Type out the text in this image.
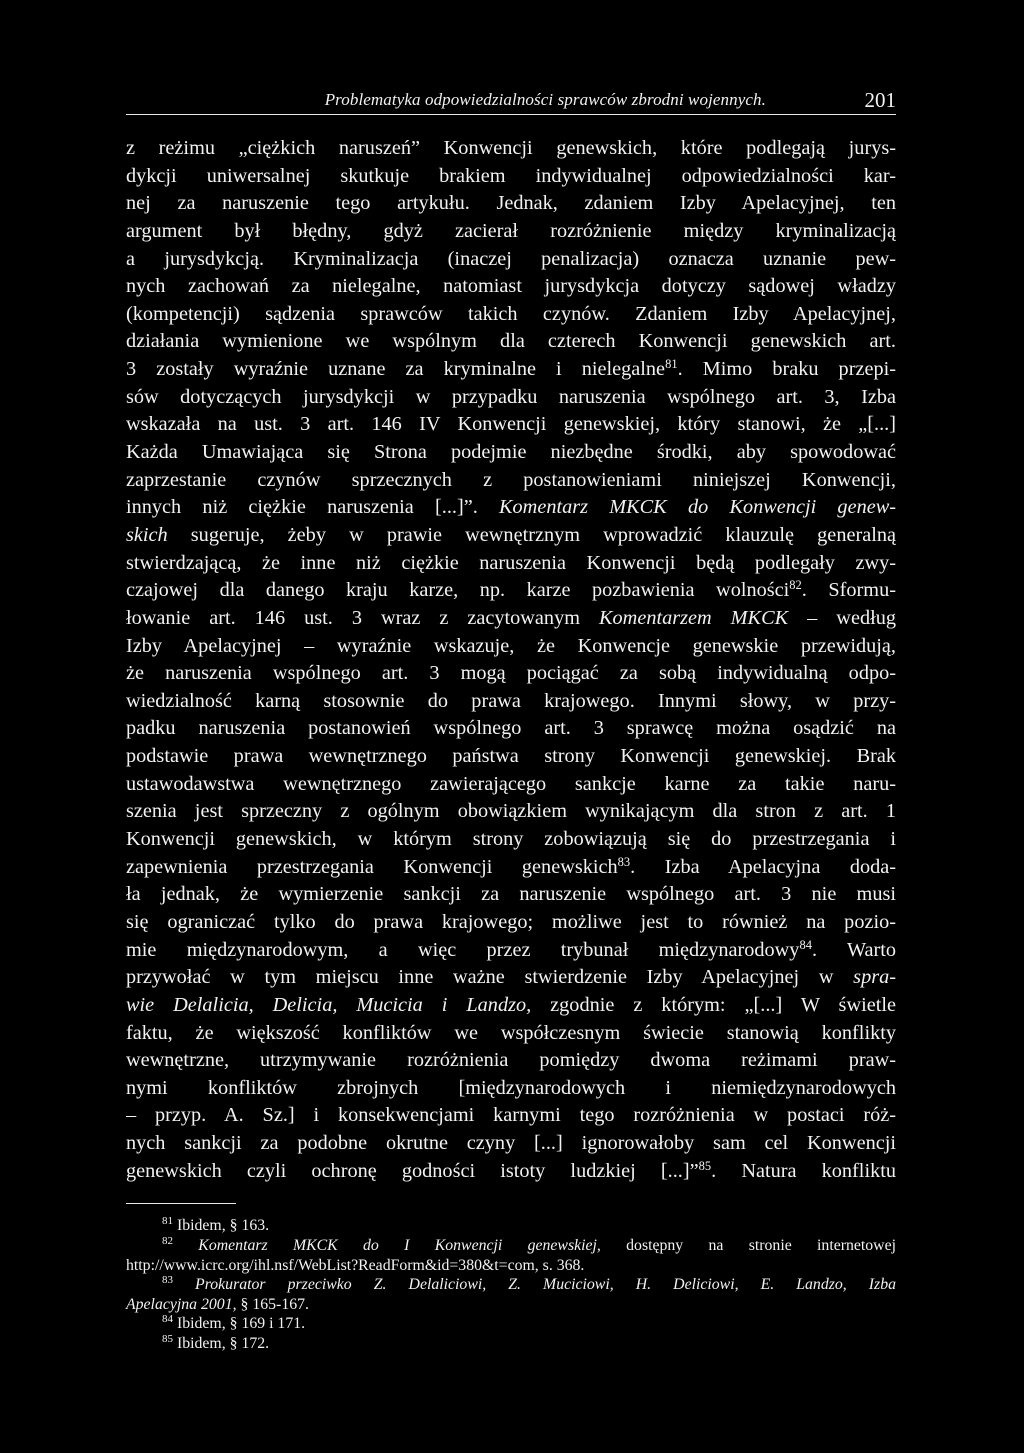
Problematyka odpowiedzialności sprawców zbrodni wojennych.	201
z reżimu „ciężkich naruszeń” Konwencji genewskich, które podlegają jurys-
dykcji uniwersalnej skutkuje brakiem indywidualnej odpowiedzialności kar-
nej za naruszenie tego artykułu. Jednak, zdaniem Izby Apelacyjnej, ten
argument był błędny, gdyż zacierał rozróżnienie między kryminalizacją
a jurysdykcją. Kryminalizacja (inaczej penalizacja) oznacza uznanie pew-
nych zachowań za nielegalne, natomiast jurysdykcja dotyczy sądowej władzy
(kompetencji) sądzenia sprawców takich czynów. Zdaniem Izby Apelacyjnej,
działania wymienione we wspólnym dla czterech Konwencji genewskich art.
3 zostały wyraźnie uznane za kryminalne i nielegalne$^{81}$. Mimo braku przepi-
sów dotyczących jurysdykcji w przypadku naruszenia wspólnego art. 3, Izba
wskazała na ust. 3 art. 146 IV Konwencji genewskiej, który stanowi, że „[...]
Każda Umawiająca się Strona podejmie niezbędne środki, aby spowodować
zaprzestanie czynów sprzecznych z postanowieniami niniejszej Konwencji,
innych niż ciężkie naruszenia [...]”. Komentarz MKCK do Konwencji genew-
skich sugeruje, żeby w prawie wewnętrznym wprowadzić klauzulę generalną
stwierdzającą, że inne niż ciężkie naruszenia Konwencji będą podlegały zwy-
czajowej dla danego kraju karze, np. karze pozbawienia wolności$^{82}$. Sformu-
łowanie art. 146 ust. 3 wraz z zacytowanym Komentarzem MKCK – według
Izby Apelacyjnej – wyraźnie wskazuje, że Konwencje genewskie przewidują,
że naruszenia wspólnego art. 3 mogą pociągać za sobą indywidualną odpo-
wiedzialność karną stosownie do prawa krajowego. Innymi słowy, w przy-
padku naruszenia postanowień wspólnego art. 3 sprawcę można osądzić na
podstawie prawa wewnętrznego państwa strony Konwencji genewskiej. Brak
ustawodawstwa wewnętrznego zawierającego sankcje karne za takie naru-
szenia jest sprzeczny z ogólnym obowiązkiem wynikającym dla stron z art. 1
Konwencji genewskich, w którym strony zobowiązują się do przestrzegania i
zapewnienia przestrzegania Konwencji genewskich$^{83}$. Izba Apelacyjna doda-
ła jednak, że wymierzenie sankcji za naruszenie wspólnego art. 3 nie musi
się ograniczać tylko do prawa krajowego; możliwe jest to również na pozio-
mie międzynarodowym, a więc przez trybunał międzynarodowy$^{84}$. Warto
przywołać w tym miejscu inne ważne stwierdzenie Izby Apelacyjnej w spra-
wie Delalicia, Delicia, Mucicia i Landzo, zgodnie z którym: „[...] W świetle
faktu, że większość konfliktów we współczesnym świecie stanowią konflikty
wewnętrzne, utrzymywanie rozróżnienia pomiędzy dwoma reżimami praw-
nymi konfliktów zbrojnych [międzynarodowych i niemiędzynarodowych
– przyp. A. Sz.] i konsekwencjami karnymi tego rozróżnienia w postaci róż-
nych sankcji za podobne okrutne czyny [...] ignorowałoby sam cel Konwencji
genewskich czyli ochronę godności istoty ludzkiej [...]”$^{85}$. Natura konfliktu
$^{81}$ Ibidem, § 163.
$^{82}$ Komentarz MKCK do I Konwencji genewskiej, dostępny na stronie internetowej
http://www.icrc.org/ihl.nsf/WebList?ReadForm&id=380&t=com, s. 368.
$^{83}$ Prokurator przeciwko Z. Delaliciowi, Z. Muciciowi, H. Deliciowi, E. Landzo, Izba
Apelacyjna 2001, § 165-167.
$^{84}$ Ibidem, § 169 i 171.
$^{85}$ Ibidem, § 172.
